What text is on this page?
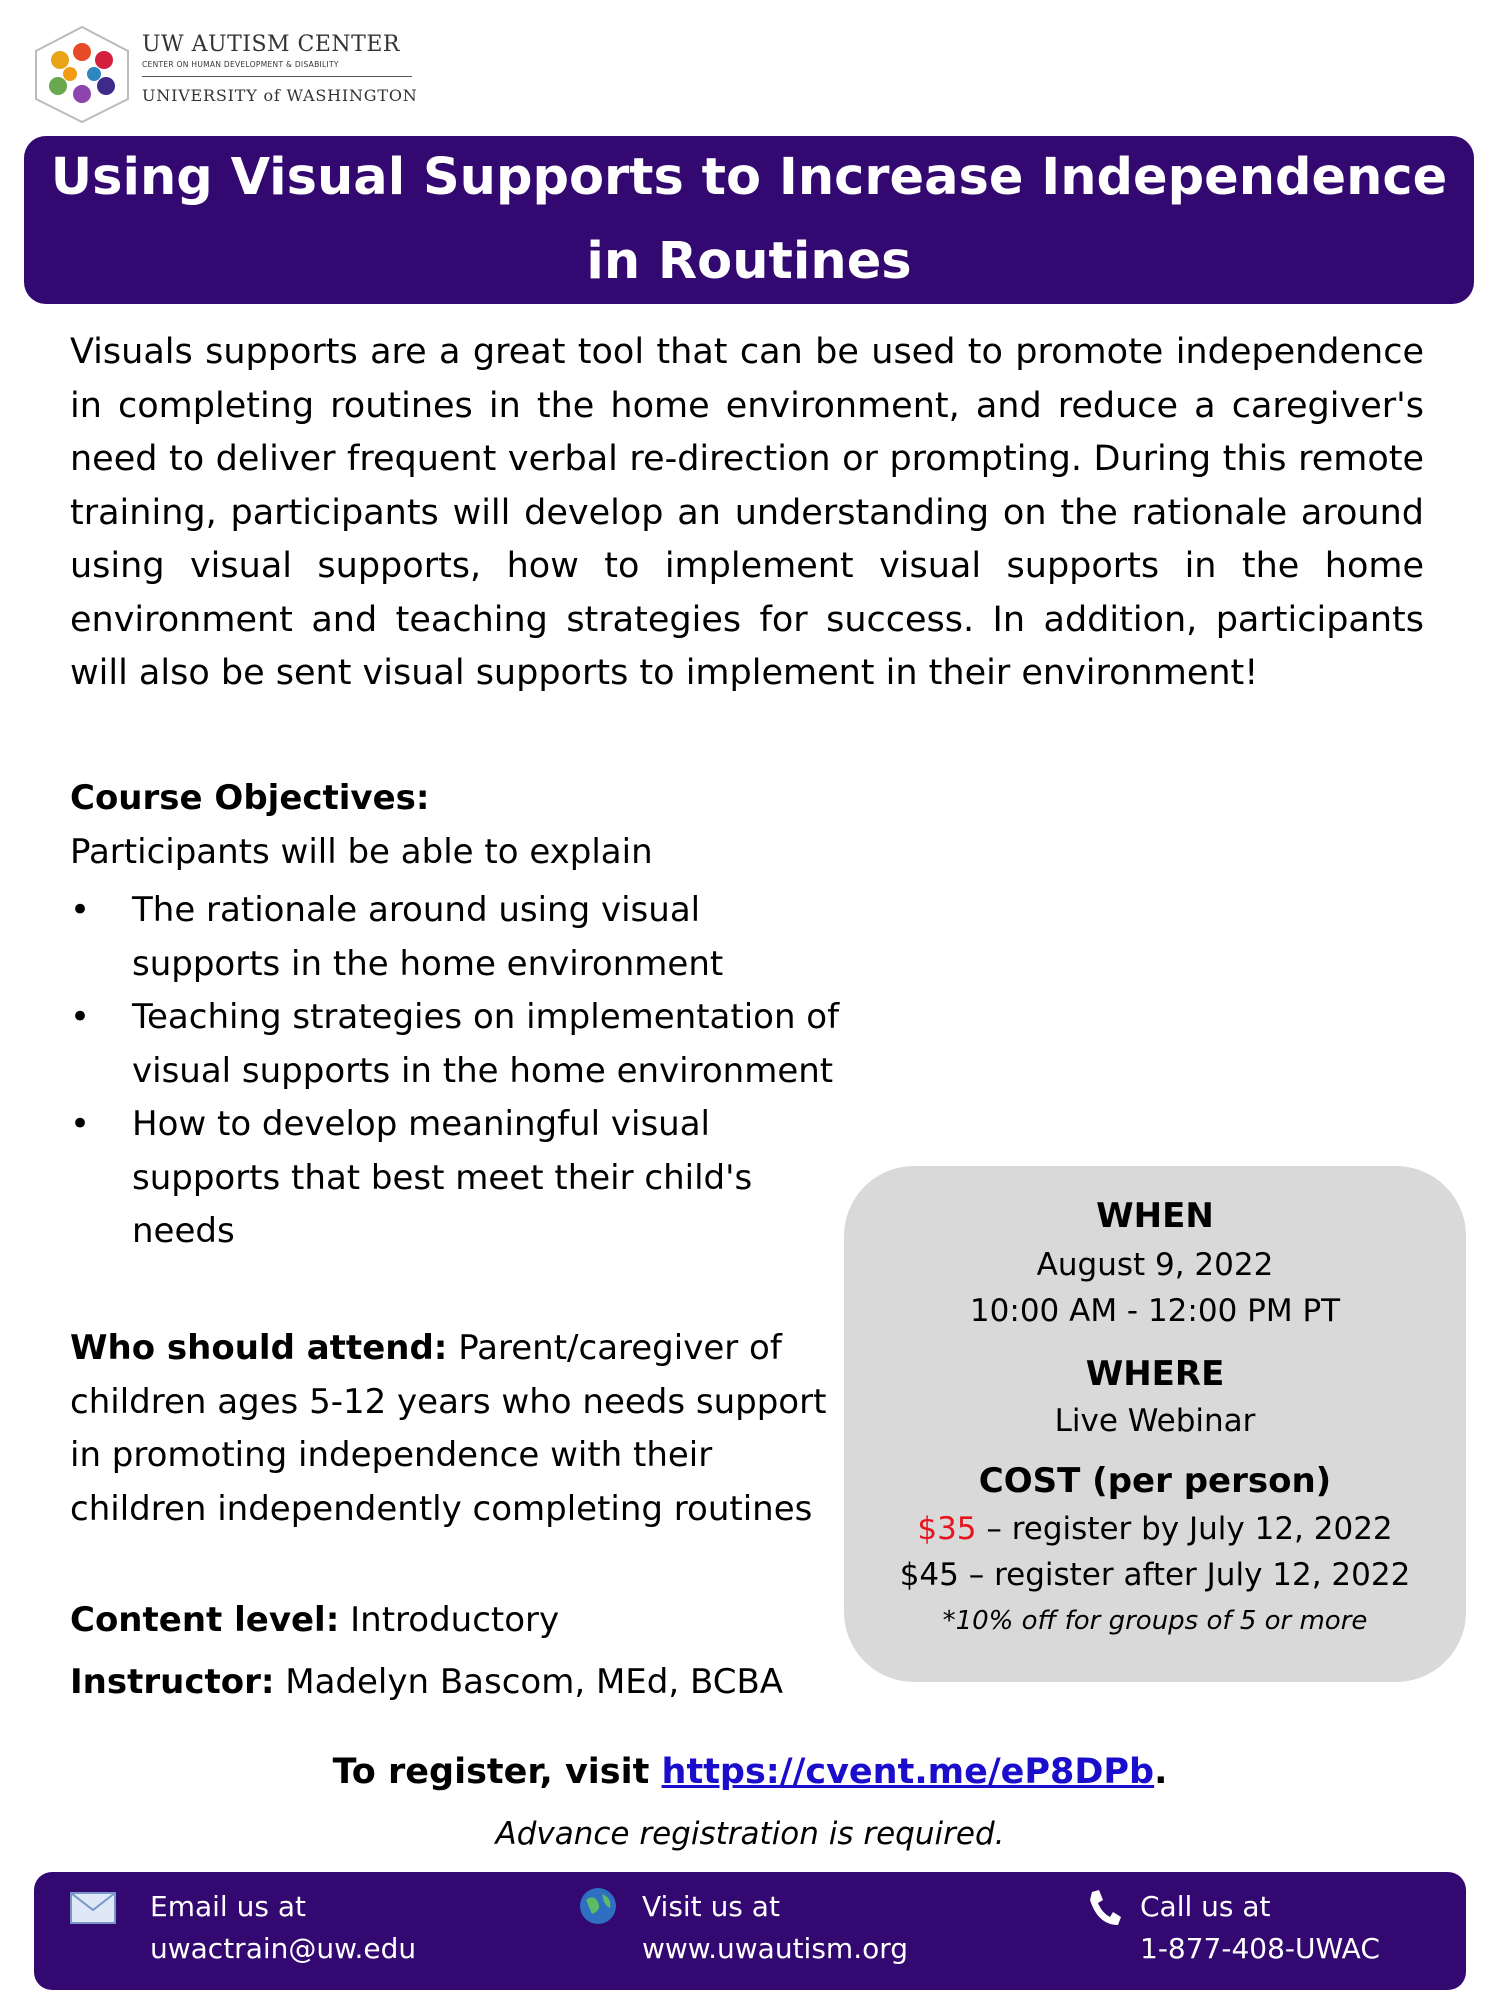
UW AUTISM CENTER
CENTER ON HUMAN DEVELOPMENT & DISABILITY
UNIVERSITY of WASHINGTON
Using Visual Supports to Increase Independence
in Routines
Visuals supports are a great tool that can be used to promote independence in completing routines in the home environment, and reduce a caregiver's need to deliver frequent verbal re-direction or prompting. During this remote training, participants will develop an understanding on the rationale around using visual supports, how to implement visual supports in the home environment and teaching strategies for success. In addition, participants will also be sent visual supports to implement in their environment!
Course Objectives:
Participants will be able to explain
• The rationale around using visual supports in the home environment
• Teaching strategies on implementation of visual supports in the home environment
• How to develop meaningful visual supports that best meet their child's needs
Who should attend: Parent/caregiver of children ages 5-12 years who needs support in promoting independence with their children independently completing routines
Content level: Introductory
Instructor: Madelyn Bascom, MEd, BCBA
WHEN
August 9, 2022
10:00 AM - 12:00 PM PT
WHERE
Live Webinar
COST (per person)
$35 – register by July 12, 2022
$45 – register after July 12, 2022
*10% off for groups of 5 or more
To register, visit https://cvent.me/eP8DPb.
Advance registration is required.
Email us at
uwactrain@uw.edu
Visit us at
www.uwautism.org
Call us at
1-877-408-UWAC
